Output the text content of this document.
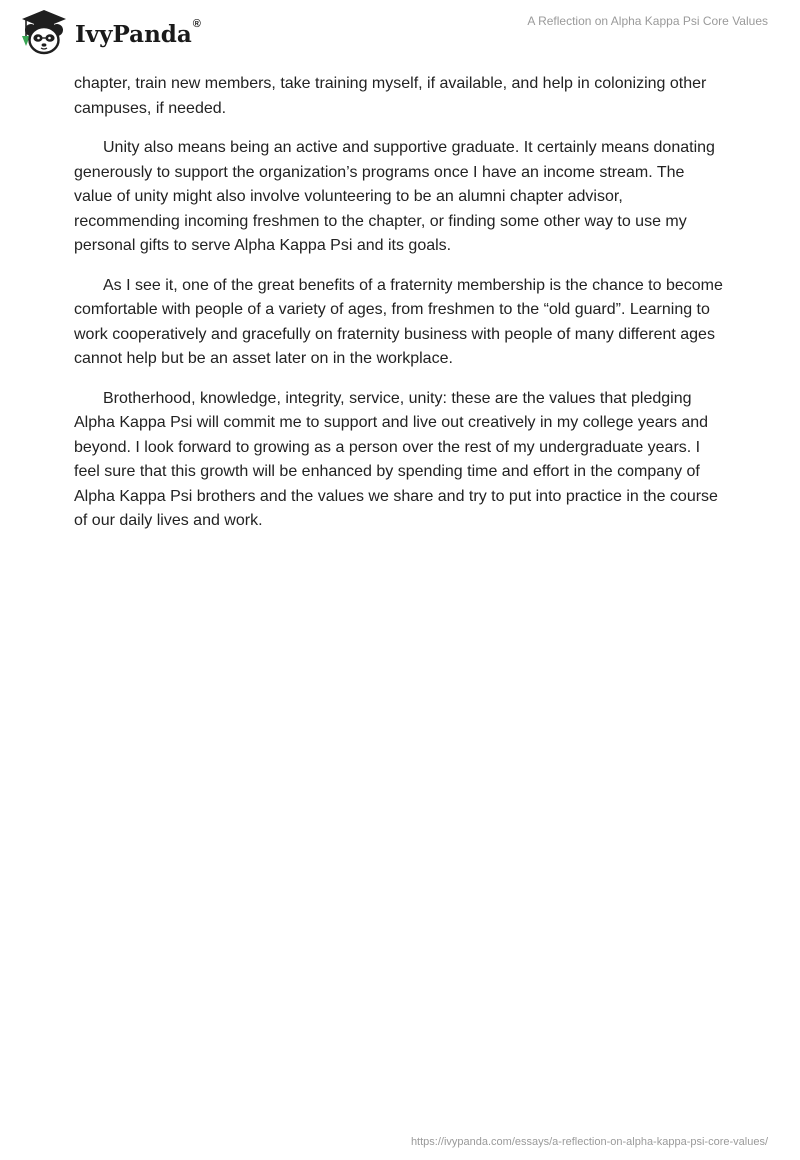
IvyPanda®	A Reflection on Alpha Kappa Psi Core Values

chapter, train new members, take training myself, if available, and help in colonizing other campuses, if needed.

Unity also means being an active and supportive graduate. It certainly means donating generously to support the organization’s programs once I have an income stream. The value of unity might also involve volunteering to be an alumni chapter advisor, recommending incoming freshmen to the chapter, or finding some other way to use my personal gifts to serve Alpha Kappa Psi and its goals.

As I see it, one of the great benefits of a fraternity membership is the chance to become comfortable with people of a variety of ages, from freshmen to the “old guard”. Learning to work cooperatively and gracefully on fraternity business with people of many different ages cannot help but be an asset later on in the workplace.

Brotherhood, knowledge, integrity, service, unity: these are the values that pledging Alpha Kappa Psi will commit me to support and live out creatively in my college years and beyond. I look forward to growing as a person over the rest of my undergraduate years. I feel sure that this growth will be enhanced by spending time and effort in the company of Alpha Kappa Psi brothers and the values we share and try to put into practice in the course of our daily lives and work.

https://ivypanda.com/essays/a-reflection-on-alpha-kappa-psi-core-values/
